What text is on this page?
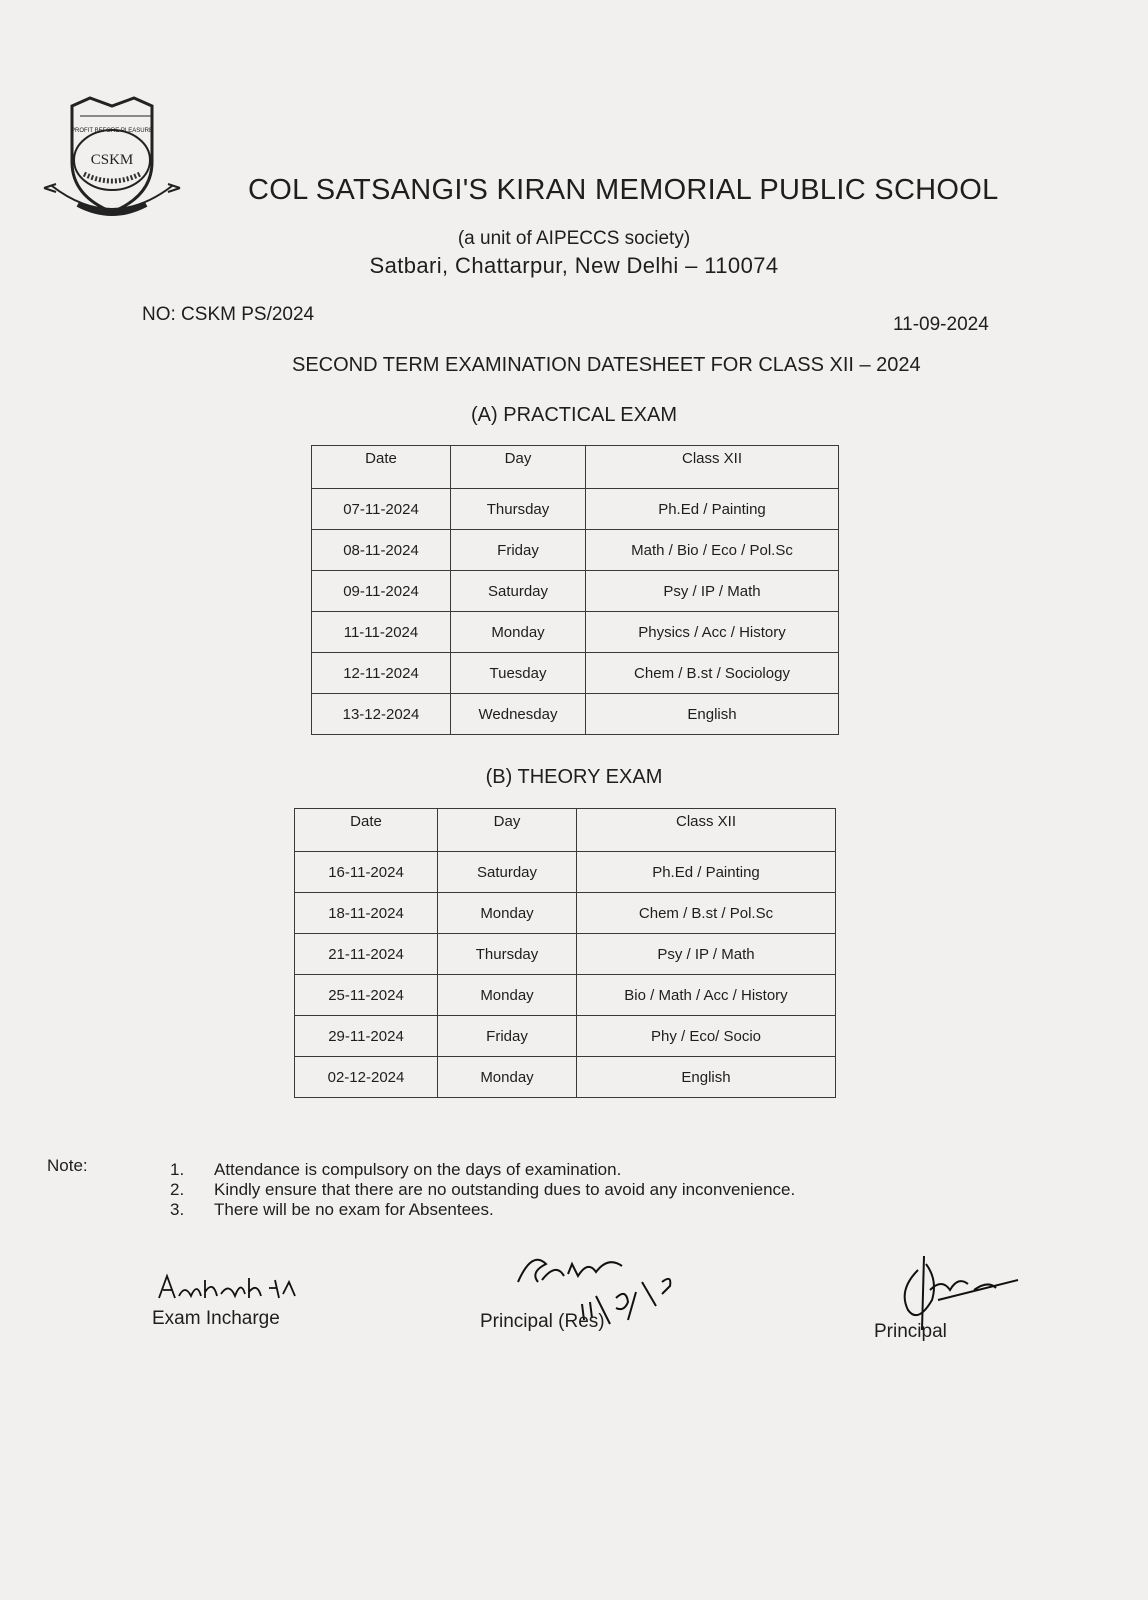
PROFIT BEFORE PLEASURE
CSKM
COL SATSANGI'S KIRAN MEMORIAL PUBLIC SCHOOL
(a unit of AIPECCS society)
Satbari, Chattarpur, New Delhi – 110074
NO: CSKM PS/2024	11-09-2024
SECOND TERM EXAMINATION DATESHEET FOR CLASS XII – 2024
(A) PRACTICAL EXAM
Date	Day	Class XII
07-11-2024	Thursday	Ph.Ed / Painting
08-11-2024	Friday	Math / Bio / Eco / Pol.Sc
09-11-2024	Saturday	Psy / IP / Math
11-11-2024	Monday	Physics / Acc / History
12-11-2024	Tuesday	Chem / B.st / Sociology
13-12-2024	Wednesday	English
(B) THEORY EXAM
Date	Day	Class XII
16-11-2024	Saturday	Ph.Ed / Painting
18-11-2024	Monday	Chem / B.st / Pol.Sc
21-11-2024	Thursday	Psy / IP / Math
25-11-2024	Monday	Bio / Math / Acc / History
29-11-2024	Friday	Phy / Eco/ Socio
02-12-2024	Monday	English
Note:	1.	Attendance is compulsory on the days of examination.
2.	Kindly ensure that there are no outstanding dues to avoid any inconvenience.
3.	There will be no exam for Absentees.
Exam Incharge	Principal (Res)	Principal
